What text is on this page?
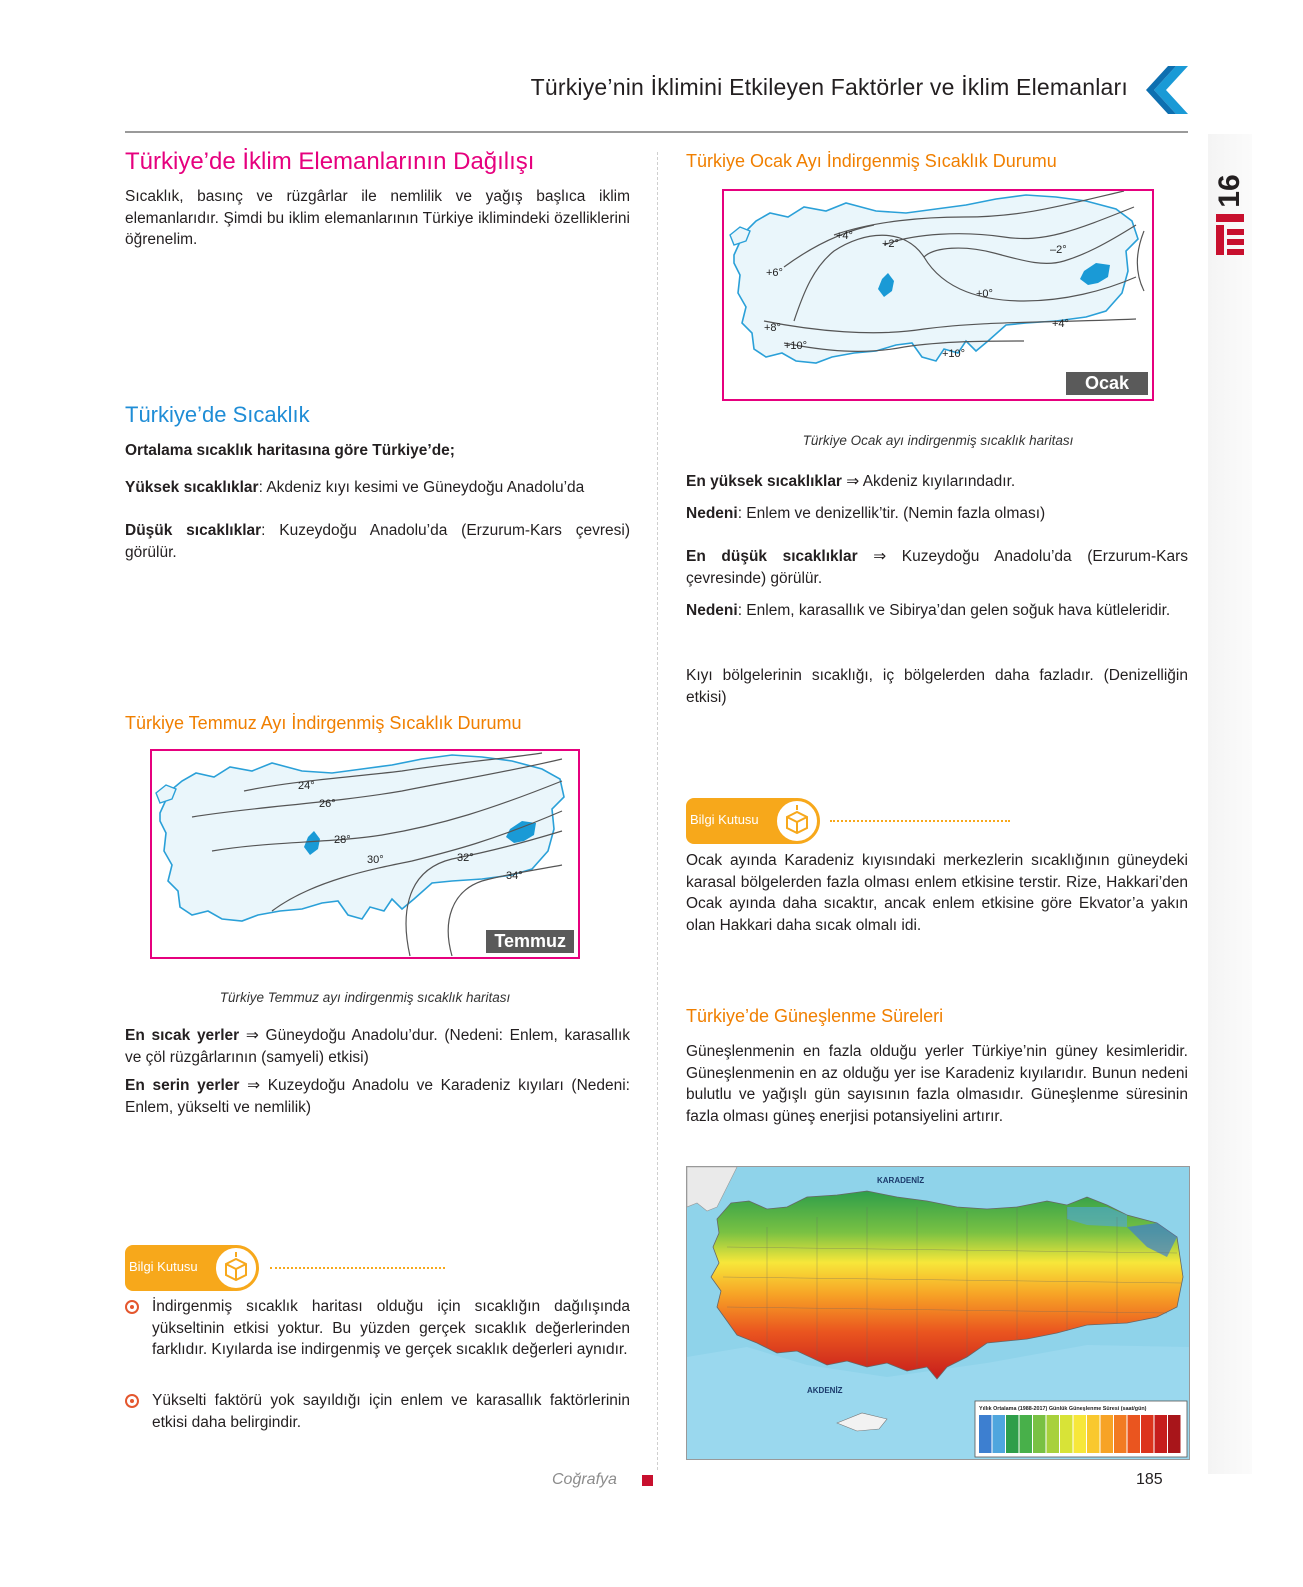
Türkiye’nin İklimini Etkileyen Faktörler ve İklim Elemanları
16
Türkiye’de İklim Elemanlarının Dağılışı

Sıcaklık, basınç ve rüzgârlar ile nemlilik ve yağış başlıca iklim elemanlarıdır. Şimdi bu iklim elemanlarının Türkiye iklimindeki özelliklerini öğrenelim.

Türkiye’de Sıcaklık

Ortalama sıcaklık haritasına göre Türkiye’de;

Yüksek sıcaklıklar: Akdeniz kıyı kesimi ve Güneydoğu Anadolu’da

Düşük sıcaklıklar: Kuzeydoğu Anadolu’da (Erzurum-Kars çevresi) görülür.

Türkiye Temmuz Ayı İndirgenmiş Sıcaklık Durumu
24°
26°
28°
30°	32°
34°
Temmuz
Türkiye Temmuz ayı indirgenmiş sıcaklık haritası

En sıcak yerler ⇒ Güneydoğu Anadolu’dur. (Nedeni: Enlem, karasallık ve çöl rüzgârlarının (samyeli) etkisi)

En serin yerler ⇒ Kuzeydoğu Anadolu ve Karadeniz kıyıları (Nedeni: Enlem, yükselti ve nemlilik)

Bilgi Kutusu

İndirgenmiş sıcaklık haritası olduğu için sıcaklığın dağılışında yükseltinin etkisi yoktur. Bu yüzden gerçek sıcaklık değerlerinden farklıdır. Kıyılarda ise indirgenmiş ve gerçek sıcaklık değerleri aynıdır.

Yükselti faktörü yok sayıldığı için enlem ve karasallık faktörlerinin etkisi daha belirgindir.

Türkiye Ocak Ayı İndirgenmiş Sıcaklık Durumu
+4°
+2°	–2°
+6°
+0°
+8°	+4°
+10°
+10°
Ocak
Türkiye Ocak ayı indirgenmiş sıcaklık haritası

En yüksek sıcaklıklar ⇒ Akdeniz kıyılarındadır.

Nedeni: Enlem ve denizellik’tir. (Nemin fazla olması)

En düşük sıcaklıklar ⇒ Kuzeydoğu Anadolu’da (Erzurum-Kars çevresinde) görülür.

Nedeni: Enlem, karasallık ve Sibirya’dan gelen soğuk hava kütleleridir.

Kıyı bölgelerinin sıcaklığı, iç bölgelerden daha fazladır. (Denizelliğin etkisi)

Bilgi Kutusu

Ocak ayında Karadeniz kıyısındaki merkezlerin sıcaklığının güneydeki karasal bölgelerden fazla olması enlem etkisine terstir. Rize, Hakkari’den Ocak ayında daha sıcaktır, ancak enlem etkisine göre Ekvator’a yakın olan Hakkari daha sıcak olmalı idi.

Türkiye’de Güneşlenme Süreleri

Güneşlenmenin en fazla olduğu yerler Türkiye’nin güney kesimleridir. Güneşlenmenin en az olduğu yer ise Karadeniz kıyılarıdır. Bunun nedeni bulutlu ve yağışlı gün sayısının fazla olmasıdır. Güneşlenme süresinin fazla olması güneş enerjisi potansiyelini artırır.

KARADENİZ
AKDENİZ
Yıllık Ortalama (1988-2017) Günlük Güneşlenme Süresi (saat/gün)
Coğrafya	185
